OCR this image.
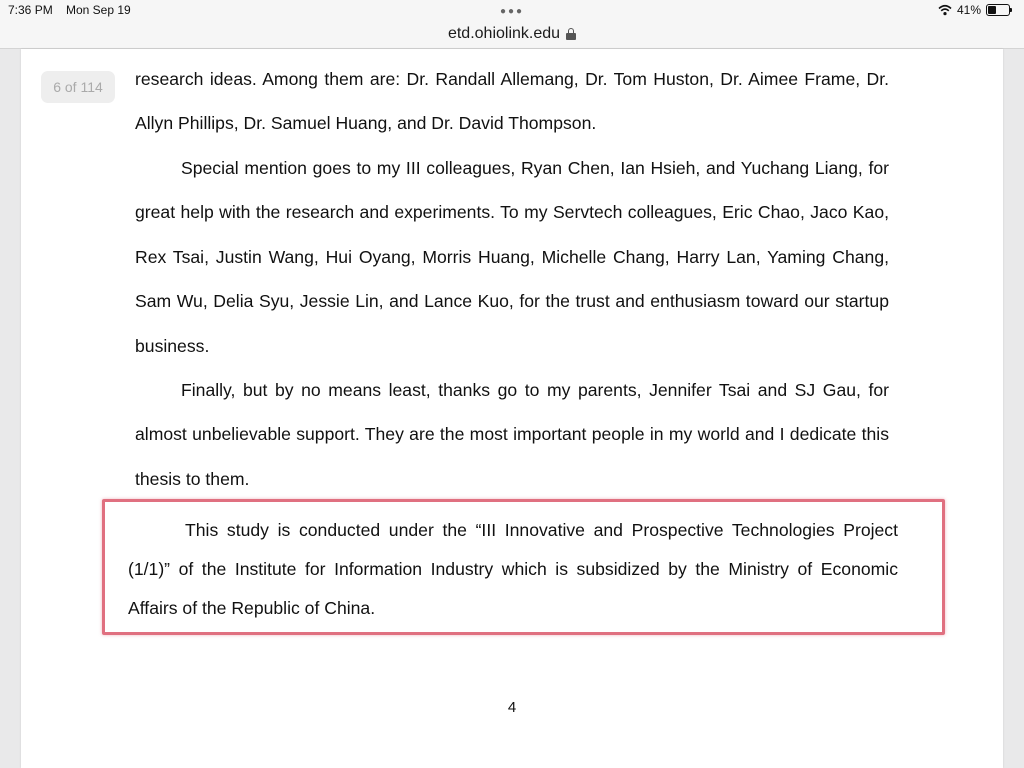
7:36 PM Mon Sep 19	●●●	41%
etd.ohiolink.edu
6 of 114	research ideas. Among them are: Dr. Randall Allemang, Dr. Tom Huston, Dr. Aimee Frame, Dr. Allyn Phillips, Dr. Samuel Huang, and Dr. David Thompson.

Special mention goes to my III colleagues, Ryan Chen, Ian Hsieh, and Yuchang Liang, for great help with the research and experiments. To my Servtech colleagues, Eric Chao, Jaco Kao, Rex Tsai, Justin Wang, Hui Oyang, Morris Huang, Michelle Chang, Harry Lan, Yaming Chang, Sam Wu, Delia Syu, Jessie Lin, and Lance Kuo, for the trust and enthusiasm toward our startup business.

Finally, but by no means least, thanks go to my parents, Jennifer Tsai and SJ Gau, for almost unbelievable support. They are the most important people in my world and I dedicate this thesis to them.

This study is conducted under the “III Innovative and Prospective Technologies Project (1/1)” of the Institute for Information Industry which is subsidized by the Ministry of Economic Affairs of the Republic of China.

4
